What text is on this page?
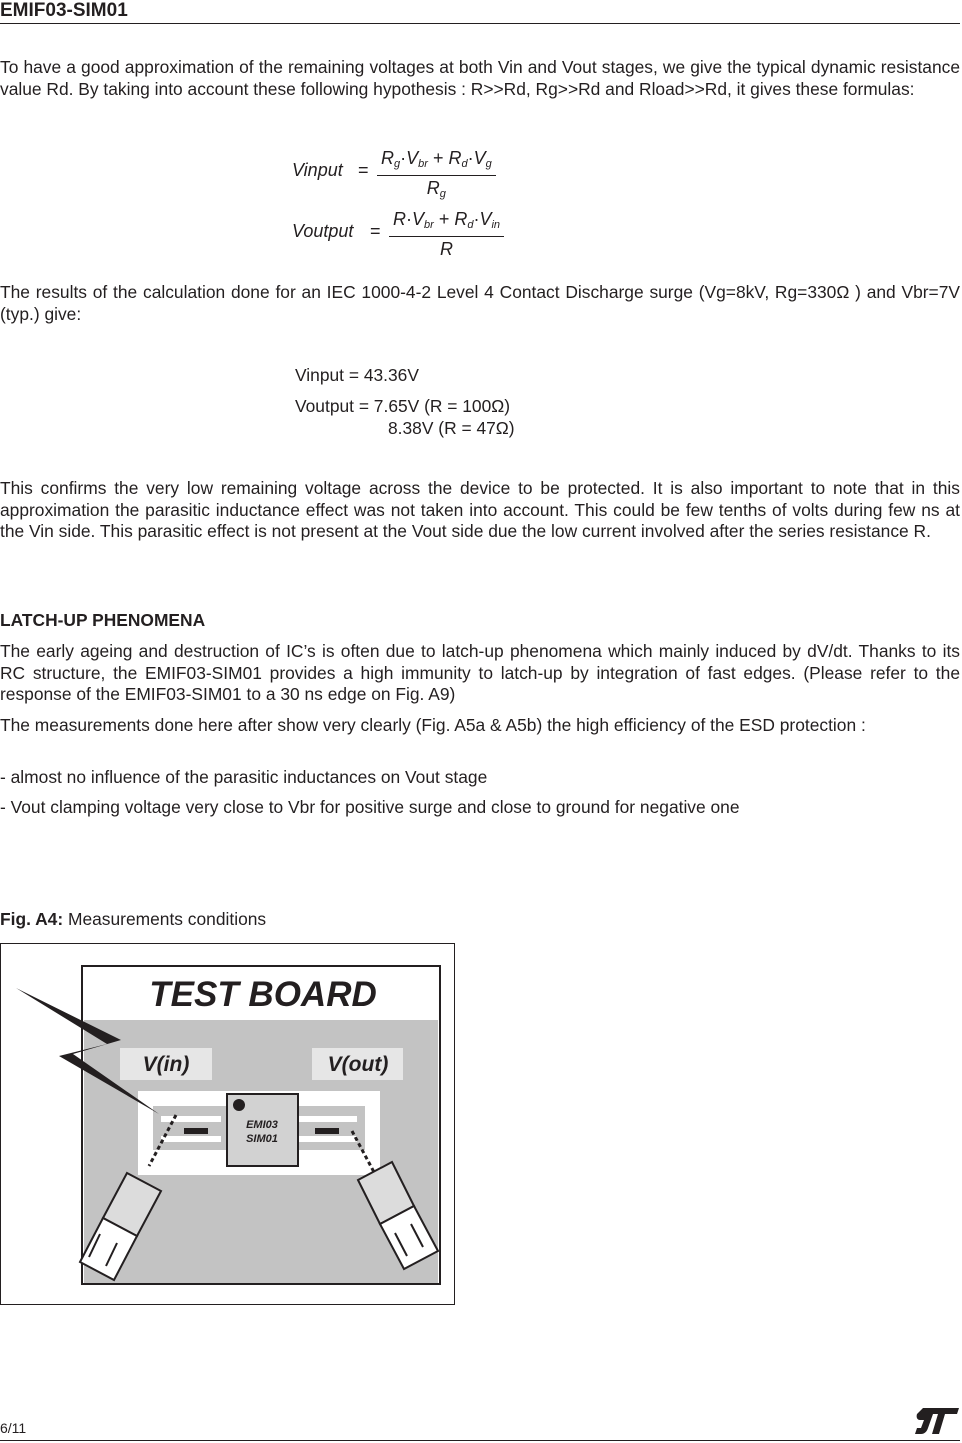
EMIF03-SIM01

To have a good approximation of the remaining voltages at both Vin and Vout stages, we give the typical dynamic resistance value Rd. By taking into account these following hypothesis : R>>Rd, Rg>>Rd and Rload>>Rd, it gives these formulas:

Vinput =
$R_g\cdot V_{br} + R_d\cdot V_g$
$R_g$
Voutput =
$R\cdot V_{br} + R_d\cdot V_{in}$
R

The results of the calculation done for an IEC 1000-4-2 Level 4 Contact Discharge surge (Vg=8kV, Rg=330Ω ) and Vbr=7V (typ.) give:

Vinput = 43.36V
Voutput = 7.65V (R = 100Ω)
8.38V (R = 47Ω)

This confirms the very low remaining voltage across the device to be protected. It is also important to note that in this approximation the parasitic inductance effect was not taken into account. This could be few tenths of volts during few ns at the Vin side. This parasitic effect is not present at the Vout side due the low current involved after the series resistance R.

LATCH-UP PHENOMENA

The early ageing and destruction of IC’s is often due to latch-up phenomena which mainly induced by dV/dt. Thanks to its RC structure, the EMIF03-SIM01 provides a high immunity to latch-up by integration of fast edges. (Please refer to the response of the EMIF03-SIM01 to a 30 ns edge on Fig. A9)

The measurements done here after show very clearly (Fig. A5a & A5b) the high efficiency of the ESD protection :

- almost no influence of the parasitic inductances on Vout stage
- Vout clamping voltage very close to Vbr for positive surge and close to ground for negative one
Fig. A4: Measurements conditions
TEST BOARD
V(in)	V(out)
EMI03
SIM01
6/11
